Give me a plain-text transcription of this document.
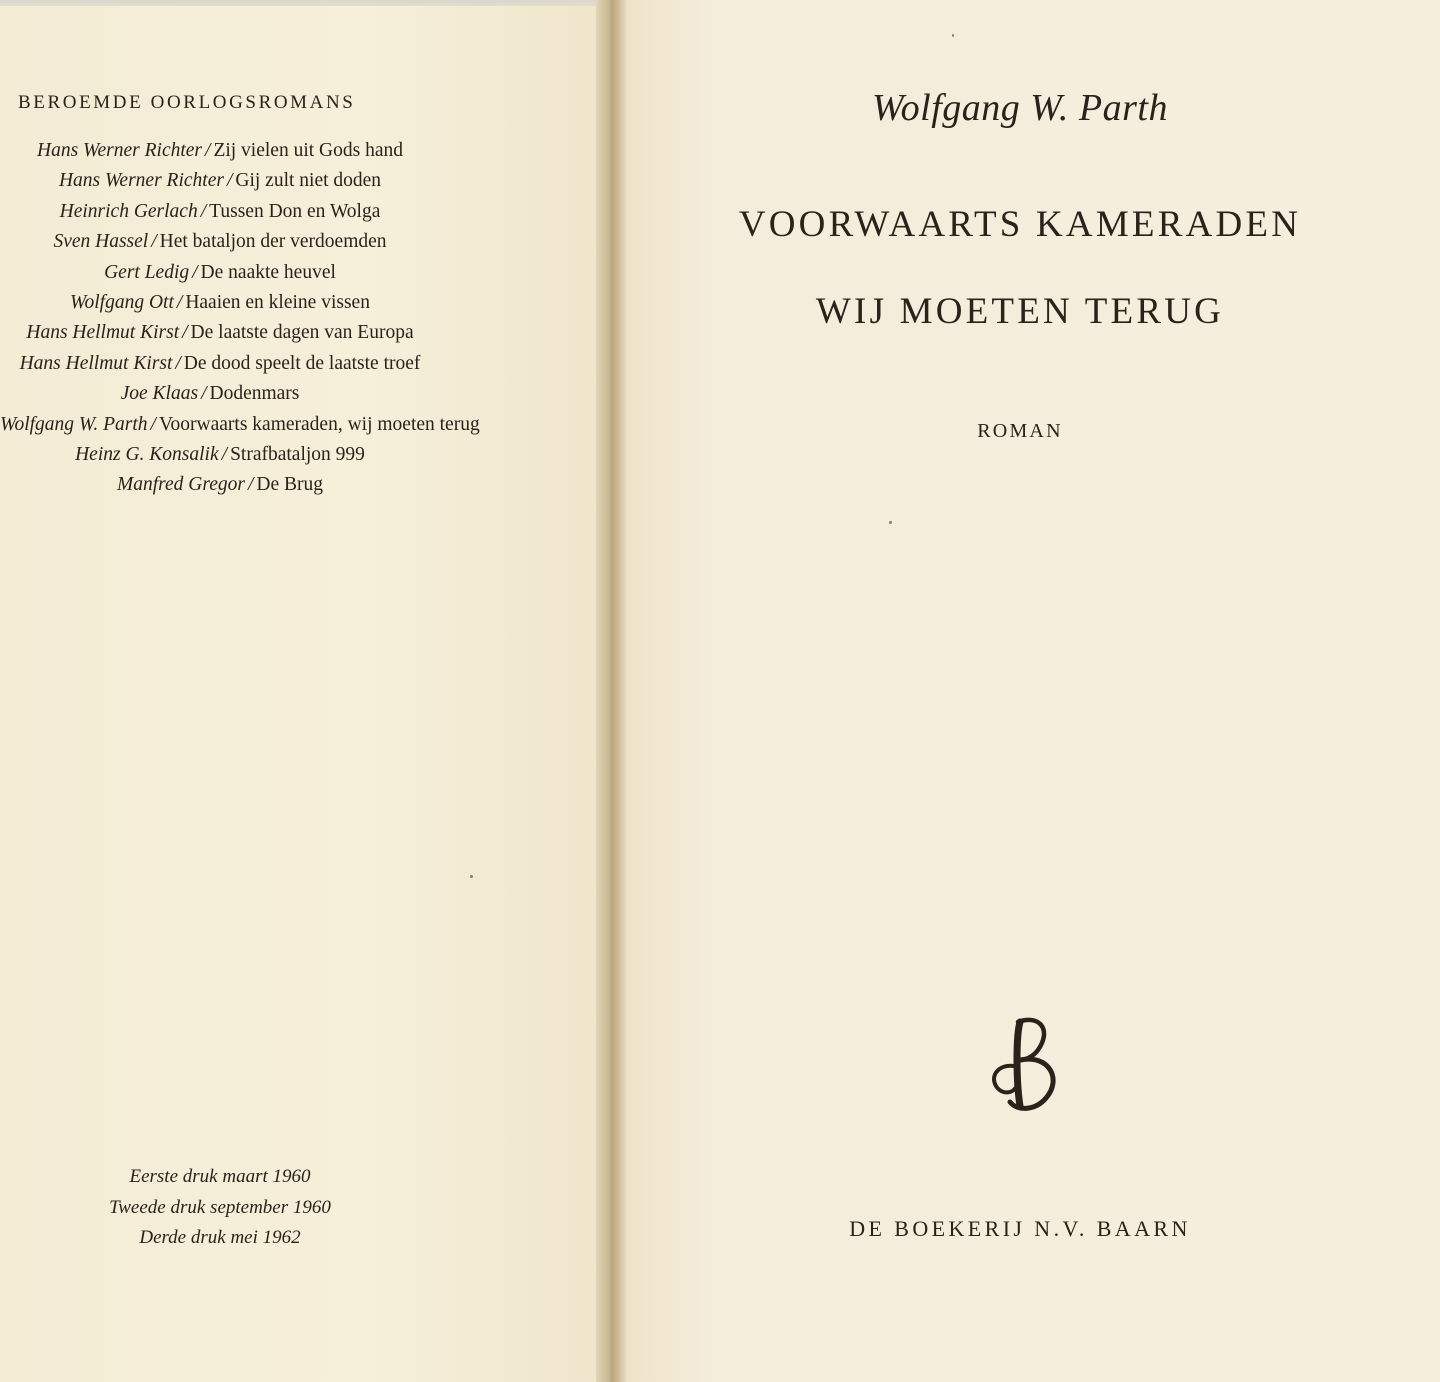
BEROEMDE OORLOGSROMANS
Hans Werner Richter / Zij vielen uit Gods hand
Hans Werner Richter / Gij zult niet doden
Heinrich Gerlach / Tussen Don en Wolga
Sven Hassel / Het bataljon der verdoemden
Gert Ledig / De naakte heuvel
Wolfgang Ott / Haaien en kleine vissen
Hans Hellmut Kirst / De laatste dagen van Europa
Hans Hellmut Kirst / De dood speelt de laatste troef
Joe Klaas / Dodenmars
Wolfgang W. Parth / Voorwaarts kameraden, wij moeten terug
Heinz G. Konsalik / Strafbataljon 999
Manfred Gregor / De Brug
Eerste druk maart 1960
Tweede druk september 1960
Derde druk mei 1962
Wolfgang W. Parth
VOORWAARTS KAMERADEN
WIJ MOETEN TERUG
ROMAN
DE BOEKERIJ N.V. BAARN
